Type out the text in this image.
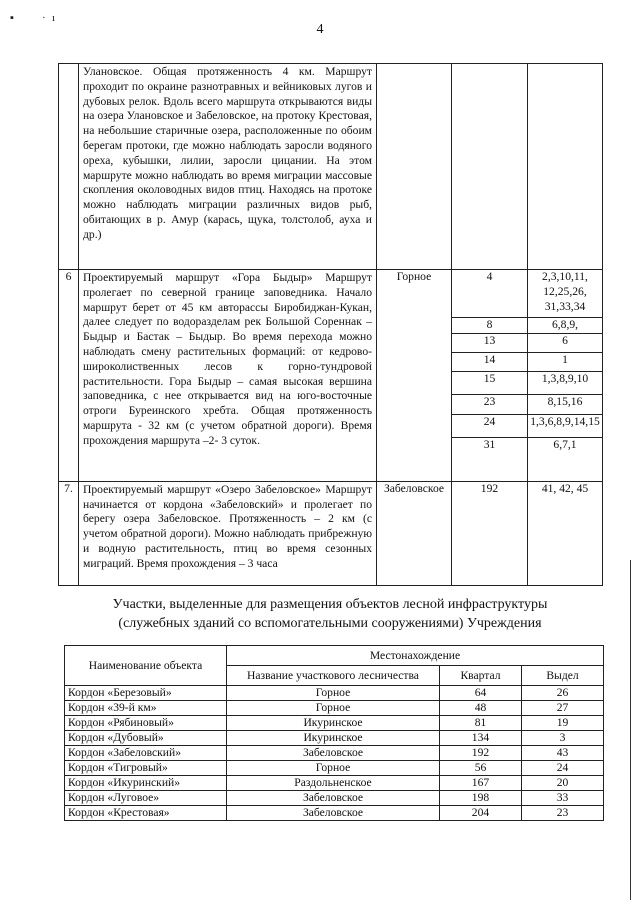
▪	· ı
4
	Улановское. Общая протяженность 4 км. Маршрут проходит по окраине разнотравных и вейниковых лугов и дубовых релок. Вдоль всего маршрута открываются виды на озера Улановское и Забеловское, на протоку Крестовая, на небольшие старичные озера, расположенные по обоим берегам протоки, где можно наблюдать заросли водяного ореха, кубышки, лилии, заросли цицании. На этом маршруте можно наблюдать во время миграции массовые скопления околоводных видов птиц. Находясь на протоке можно наблюдать миграции различных видов рыб, обитающих в р. Амур (карась, щука, толстолоб, ауха и др.)			
6	Проектируемый маршрут «Гора Быдыр» Маршрут пролегает по северной границе заповедника. Начало маршрут берет от 45 км авторассы Биробиджан-Кукан, далее следует по водоразделам рек Большой Сореннак – Быдыр и Бастак – Быдыр. Во время перехода можно наблюдать смену растительных формаций: от кедрово-широколиственных лесов к горно-тундровой растительности. Гора Быдыр – самая высокая вершина заповедника, с нее открывается вид на юго-восточные отроги Буреинского хребта. Общая протяженность маршрута - 32 км (с учетом обратной дороги). Время прохождения маршрута –2- 3 суток.	Горное	4	2,3,10,11, 12,25,26, 31,33,34
			8	6,8,9,
			13	6
			14	1
			15	1,3,8,9,10
			23	8,15,16
			24	1,3,6,8,9,14,15
			31	6,7,1
7.	Проектируемый маршрут «Озеро Забеловское» Маршрут начинается от кордона «Забеловский» и пролегает по берегу озера Забеловское. Протяженность – 2 км (с учетом обратной дороги). Можно наблюдать прибрежную и водную растительность, птиц во время сезонных миграций. Время прохождения – 3 часа	Забеловское	192	41, 42, 45
Участки, выделенные для размещения объектов лесной инфраструктуры
(служебных зданий со вспомогательными сооружениями) Учреждения
Наименование объекта	Местонахождение		
	Название участкового лесничества	Квартал	Выдел
Кордон «Березовый»	Горное	64	26
Кордон «39-й км»	Горное	48	27
Кордон «Рябиновый»	Икуринское	81	19
Кордон «Дубовый»	Икуринское	134	3
Кордон «Забеловский»	Забеловское	192	43
Кордон «Тигровый»	Горное	56	24
Кордон «Икуринский»	Раздольненское	167	20
Кордон «Луговое»	Забеловское	198	33
Кордон «Крестовая»	Забеловское	204	23
